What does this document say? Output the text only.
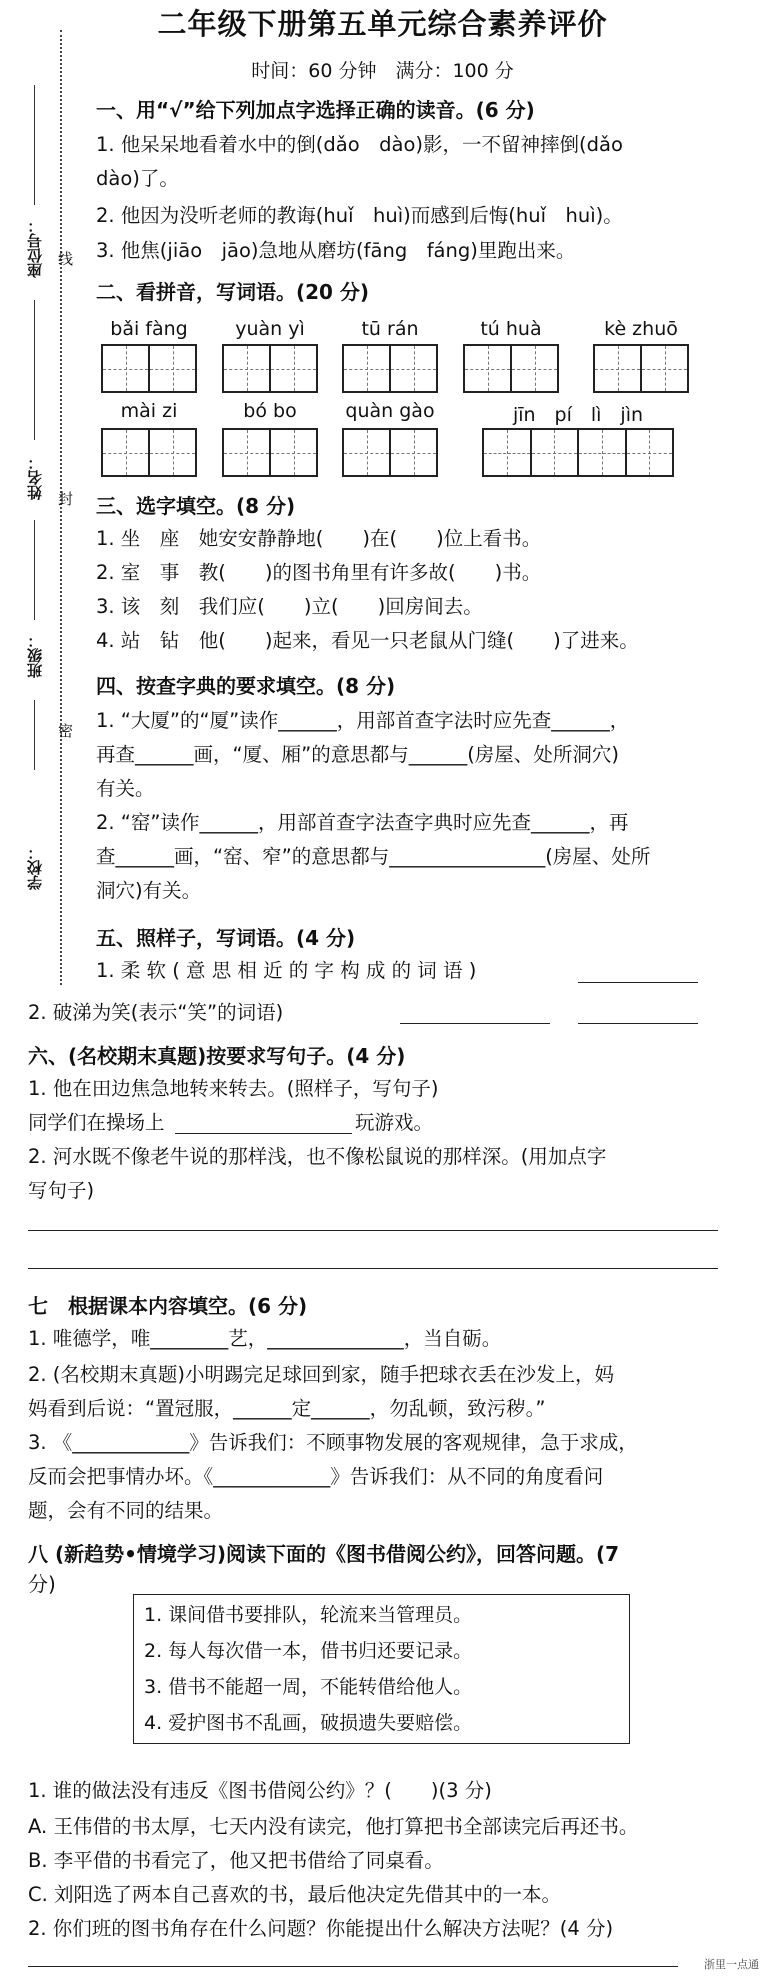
二年级下册第五单元综合素养评价
时间：60 分钟　满分：100 分
座位号：
姓名：
班级：
学校：
线
封
密
一、用“√”给下列加点字选择正确的读音。(6 分)
1. 他呆呆地看着水中的倒(dǎo　dào)影，一不留神摔倒(dǎo
dào)了。
2. 他因为没听老师的教诲(huǐ　huì)而感到后悔(huǐ　huì)。
3. 他焦(jiāo　jāo)急地从磨坊(fāng　fáng)里跑出来。
二、看拼音，写词语。(20 分)
bǎi fàng	yuàn yì	tū rán	tú huà	kè zhuō
mài zi	bó bo	quàn gào	jīn　pí　lì　jìn
三、选字填空。(8 分)
1. 坐　座　她安安静静地(　　)在(　　)位上看书。
2. 室　事　教(　　)的图书角里有许多故(　　)书。
3. 该　刻　我们应(　　)立(　　)回房间去。
4. 站　钻　他(　　)起来，看见一只老鼠从门缝(　　)了进来。
四、按查字典的要求填空。(8 分)
1. “大厦”的“厦”读作______，用部首查字法时应先查______，
再查______画，“厦、厢”的意思都与______(房屋、处所洞穴)
有关。
2. “窑”读作______，用部首查字法查字典时应先查______，再
查______画，“窑、窄”的意思都与________________(房屋、处所
洞穴)有关。
五、照样子，写词语。(4 分)
1. 柔 软 ( 意 思 相 近 的 字 构 成 的 词 语 )
2. 破涕为笑(表示“笑”的词语)
六、(名校期末真题)按要求写句子。(4 分)
1. 他在田边焦急地转来转去。(照样子，写句子)
同学们在操场上	玩游戏。
2. 河水既不像老牛说的那样浅，也不像松鼠说的那样深。(用加点字
写句子)
七　根据课本内容填空。(6 分)
1. 唯德学，唯________艺，______________，当自砺。
2. (名校期末真题)小明踢完足球回到家，随手把球衣丢在沙发上，妈
妈看到后说：“置冠服，______定______，勿乱顿，致污秽。”
3. 《____________》告诉我们：不顾事物发展的客观规律，急于求成，
反而会把事情办坏。《____________》告诉我们：从不同的角度看问
题，会有不同的结果。
八 (新趋势•情境学习)阅读下面的《图书借阅公约》，回答问题。(7
分)
1. 课间借书要排队，轮流来当管理员。
2. 每人每次借一本，借书归还要记录。
3. 借书不能超一周，不能转借给他人。
4. 爱护图书不乱画，破损遗失要赔偿。
1. 谁的做法没有违反《图书借阅公约》？(　　)(3 分)
A. 王伟借的书太厚，七天内没有读完，他打算把书全部读完后再还书。
B. 李平借的书看完了，他又把书借给了同桌看。
C. 刘阳选了两本自己喜欢的书，最后他决定先借其中的一本。
2. 你们班的图书角存在什么问题？你能提出什么解决方法呢？(4 分)
浙里一点通
